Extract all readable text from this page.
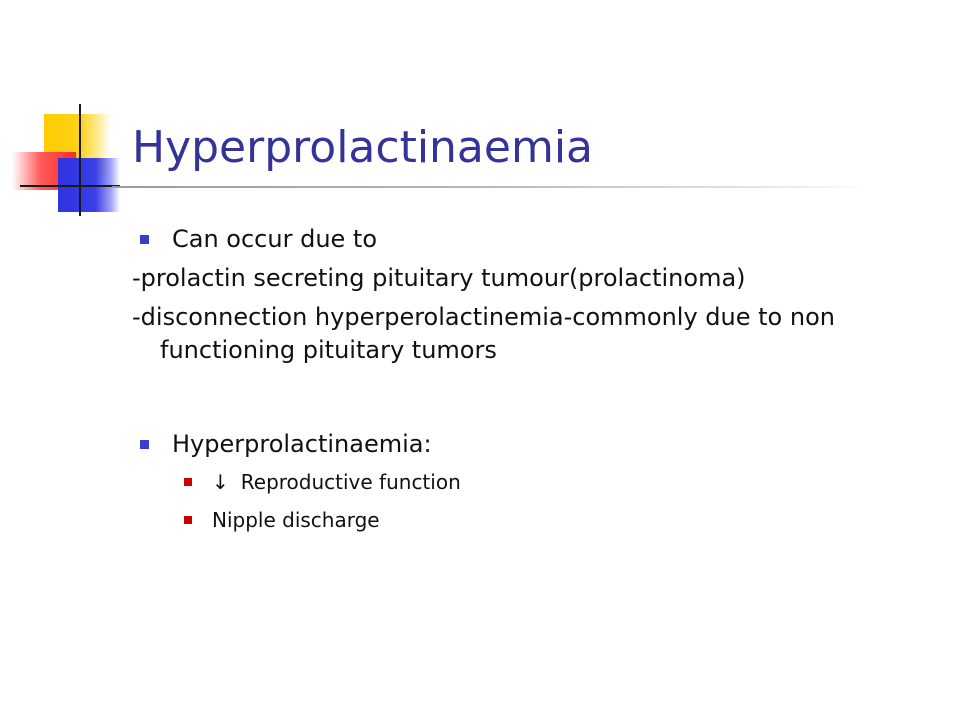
Hyperprolactinaemia
Can occur due to
-prolactin secreting pituitary tumour(prolactinoma)
-disconnection hyperperolactinemia-commonly due to non functioning pituitary tumors
Hyperprolactinaemia:
↓ Reproductive function
Nipple discharge
